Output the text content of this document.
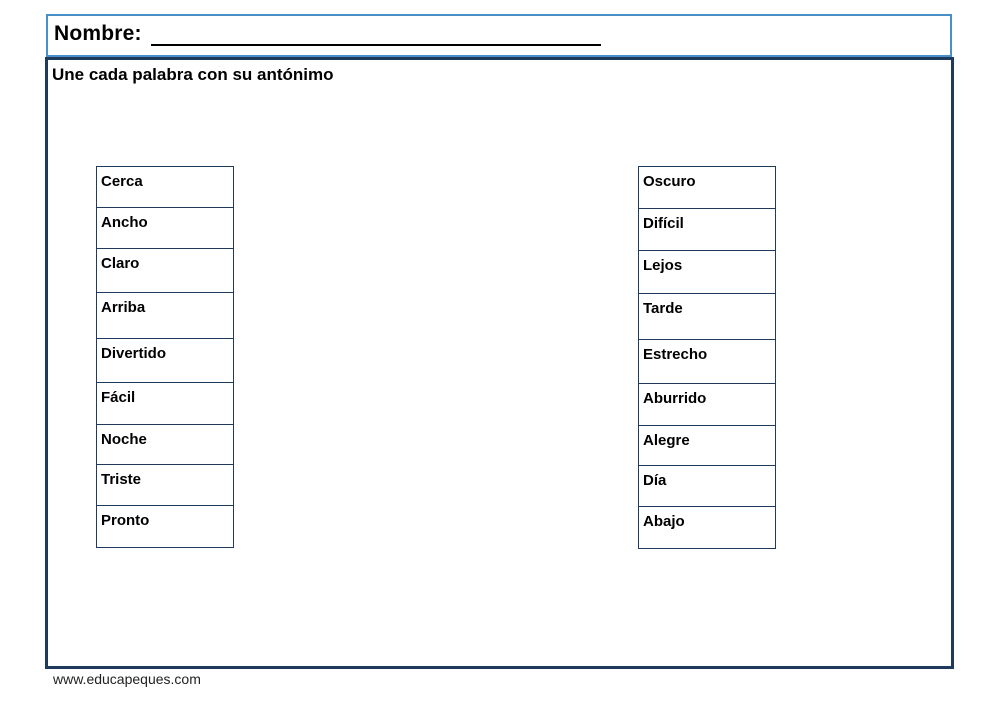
Nombre:
Une cada palabra con su antónimo
Cerca
Ancho
Claro
Arriba
Divertido
Fácil
Noche
Triste
Pronto
Oscuro
Difícil
Lejos
Tarde
Estrecho
Aburrido
Alegre
Día
Abajo
www.educapeques.com
